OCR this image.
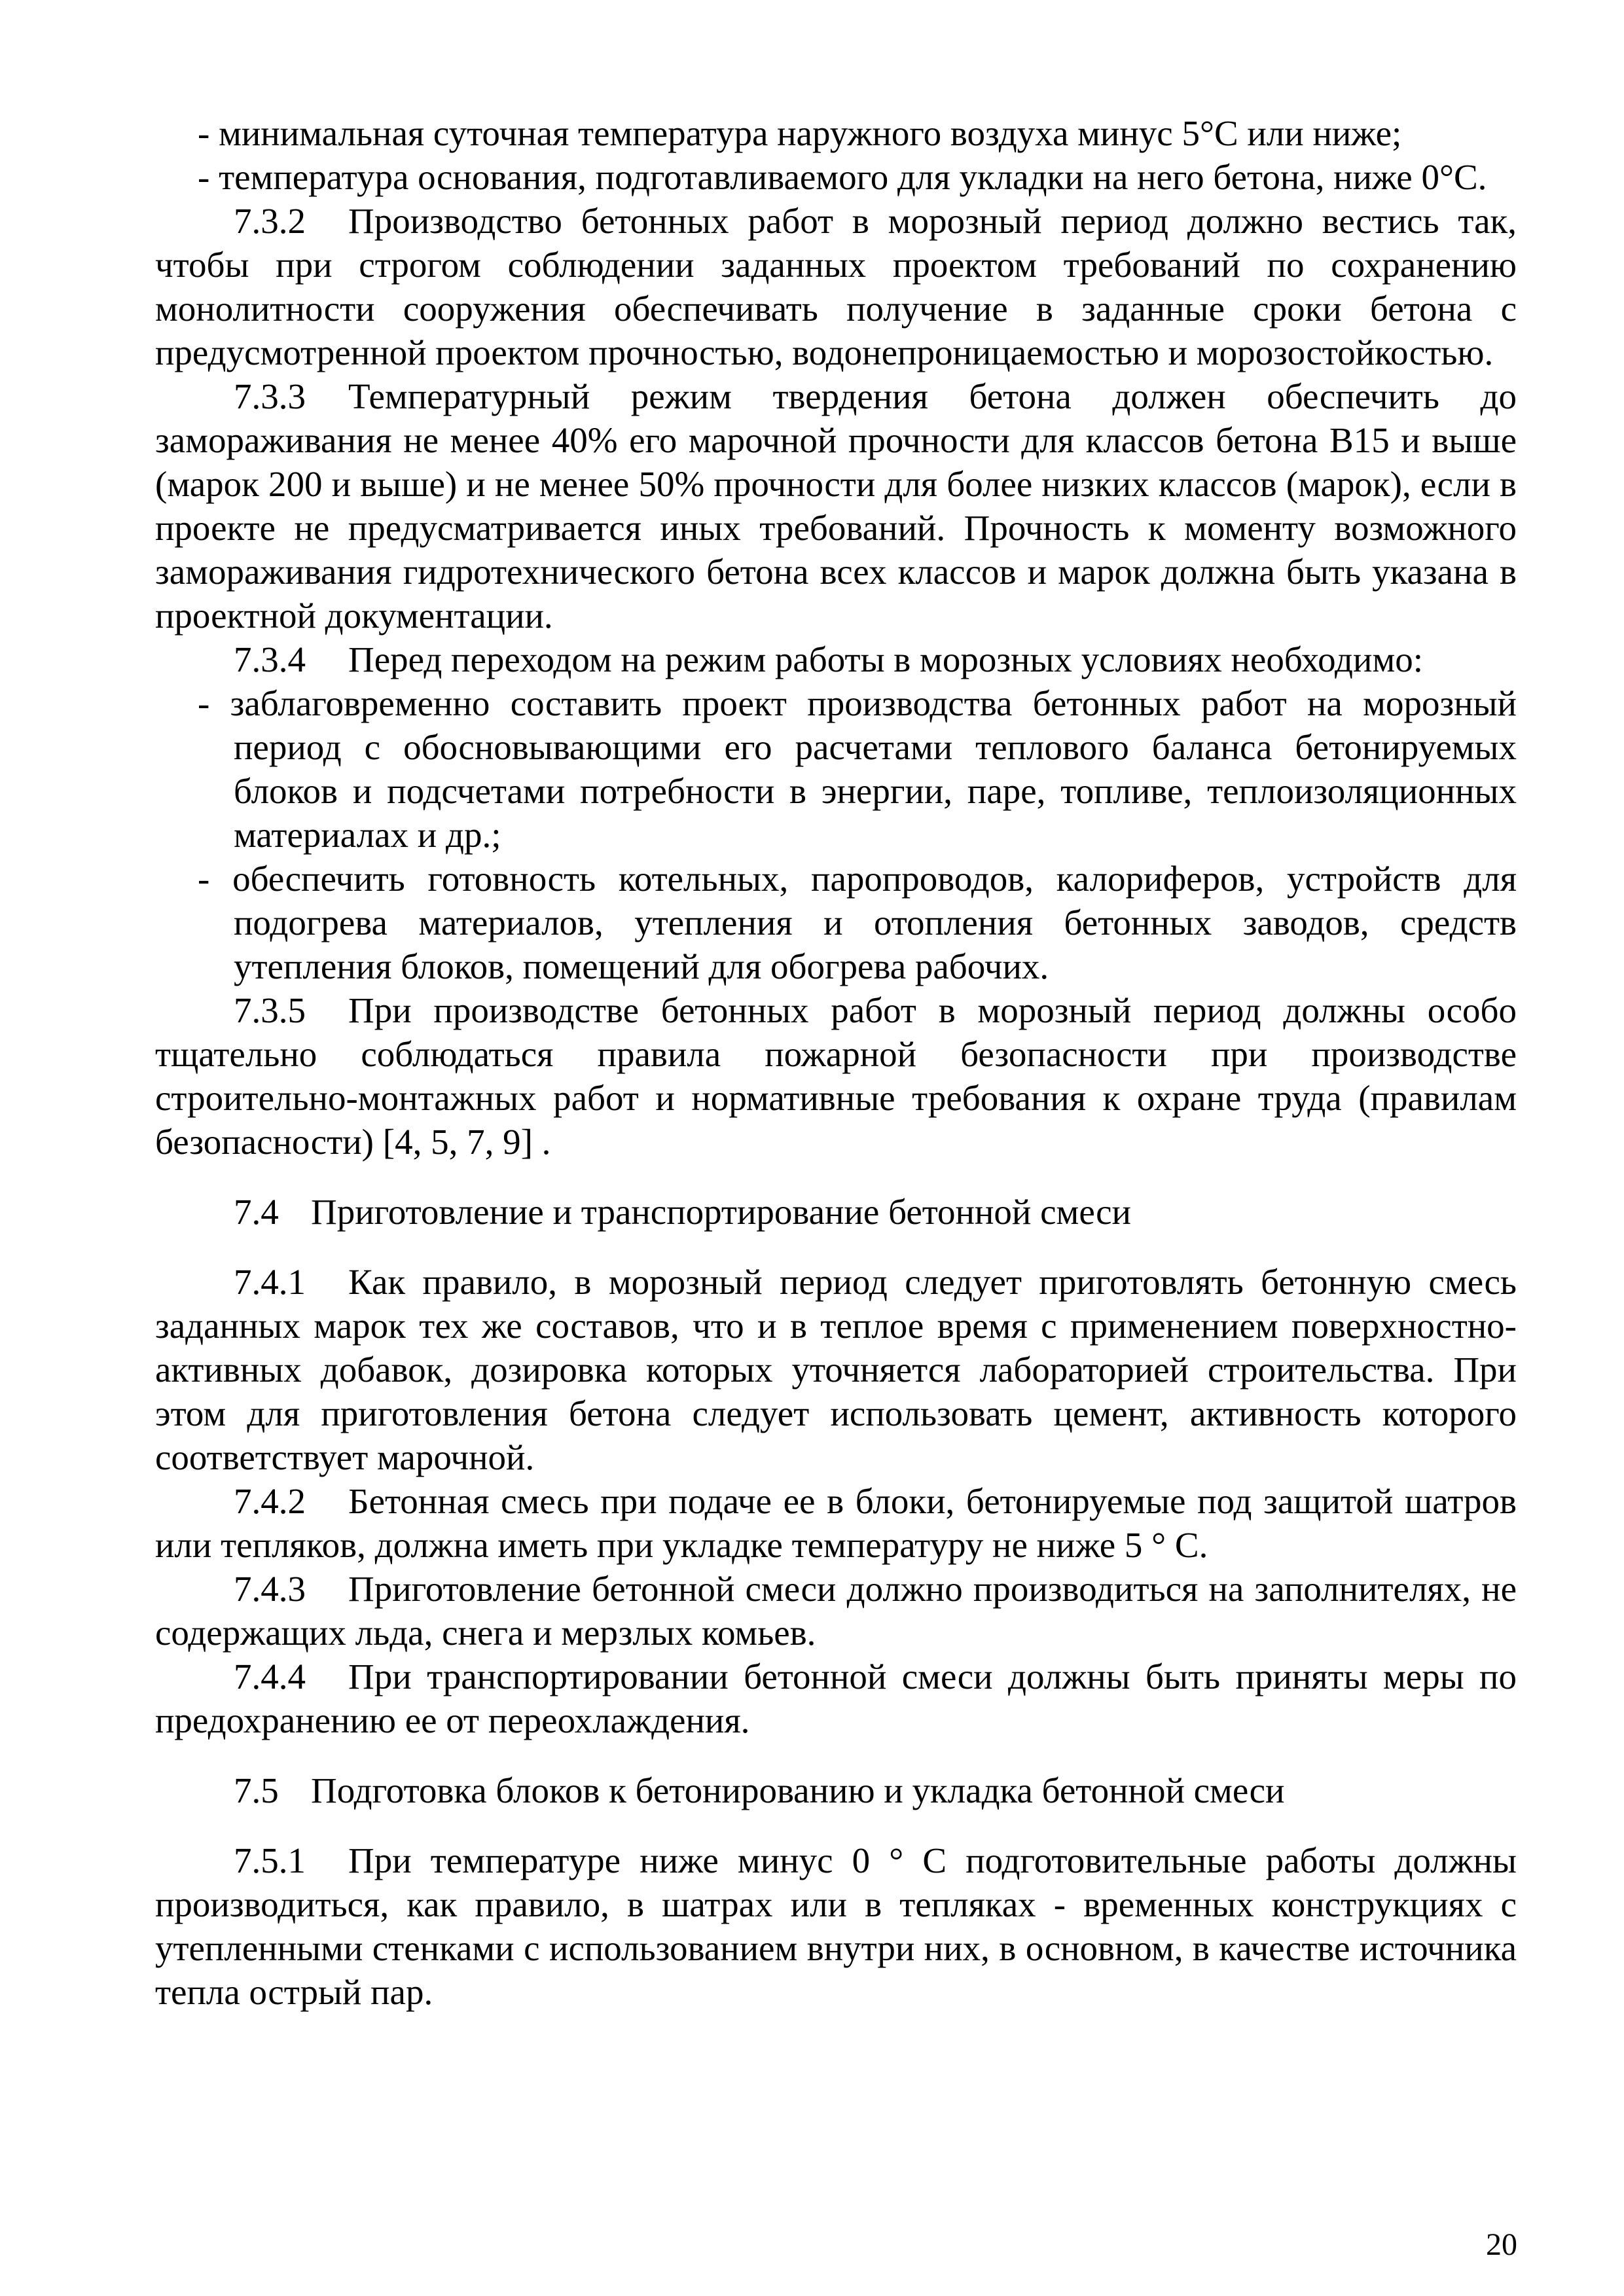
- минимальная суточная температура наружного воздуха минус 5°С или ниже;

- температура основания, подготавливаемого для укладки на него бетона, ниже 0°С.

7.3.2 Производство бетонных работ в морозный период должно вестись так, чтобы при строгом соблюдении заданных проектом требований по сохранению монолитности сооружения обеспечивать получение в заданные сроки бетона с предусмотренной проектом прочностью, водонепроницаемостью и морозостойкостью.

7.3.3 Температурный режим твердения бетона должен обеспечить до замораживания не менее 40% его марочной прочности для классов бетона В15 и выше (марок 200 и выше) и не менее 50% прочности для более низких классов (марок), если в проекте не предусматривается иных требований. Прочность к моменту возможного замораживания гидротехнического бетона всех классов и марок должна быть указана в проектной документации.

7.3.4 Перед переходом на режим работы в морозных условиях необходимо:

- заблаговременно составить проект производства бетонных работ на морозный период с обосновывающими его расчетами теплового баланса бетонируемых блоков и подсчетами потребности в энергии, паре, топливе, теплоизоляционных материалах и др.;

- обеспечить готовность котельных, паропроводов, калориферов, устройств для подогрева материалов, утепления и отопления бетонных заводов, средств утепления блоков, помещений для обогрева рабочих.

7.3.5 При производстве бетонных работ в морозный период должны особо тщательно соблюдаться правила пожарной безопасности при производстве строительно-монтажных работ и нормативные требования к охране труда (правилам безопасности) [4, 5, 7, 9] .

7.4 Приготовление и транспортирование бетонной смеси

7.4.1 Как правило, в морозный период следует приготовлять бетонную смесь заданных марок тех же составов, что и в теплое время с применением поверхностно-активных добавок, дозировка которых уточняется лабораторией строительства. При этом для приготовления бетона следует использовать цемент, активность которого соответствует марочной.

7.4.2 Бетонная смесь при подаче ее в блоки, бетонируемые под защитой шатров или тепляков, должна иметь при укладке температуру не ниже 5 ° С.

7.4.3 Приготовление бетонной смеси должно производиться на заполнителях, не содержащих льда, снега и мерзлых комьев.

7.4.4 При транспортировании бетонной смеси должны быть приняты меры по предохранению ее от переохлаждения.

7.5 Подготовка блоков к бетонированию и укладка бетонной смеси

7.5.1 При температуре ниже минус 0 ° С подготовительные работы должны производиться, как правило, в шатрах или в тепляках - временных конструкциях с утепленными стенками с использованием внутри них, в основном, в качестве источника тепла острый пар.

20
